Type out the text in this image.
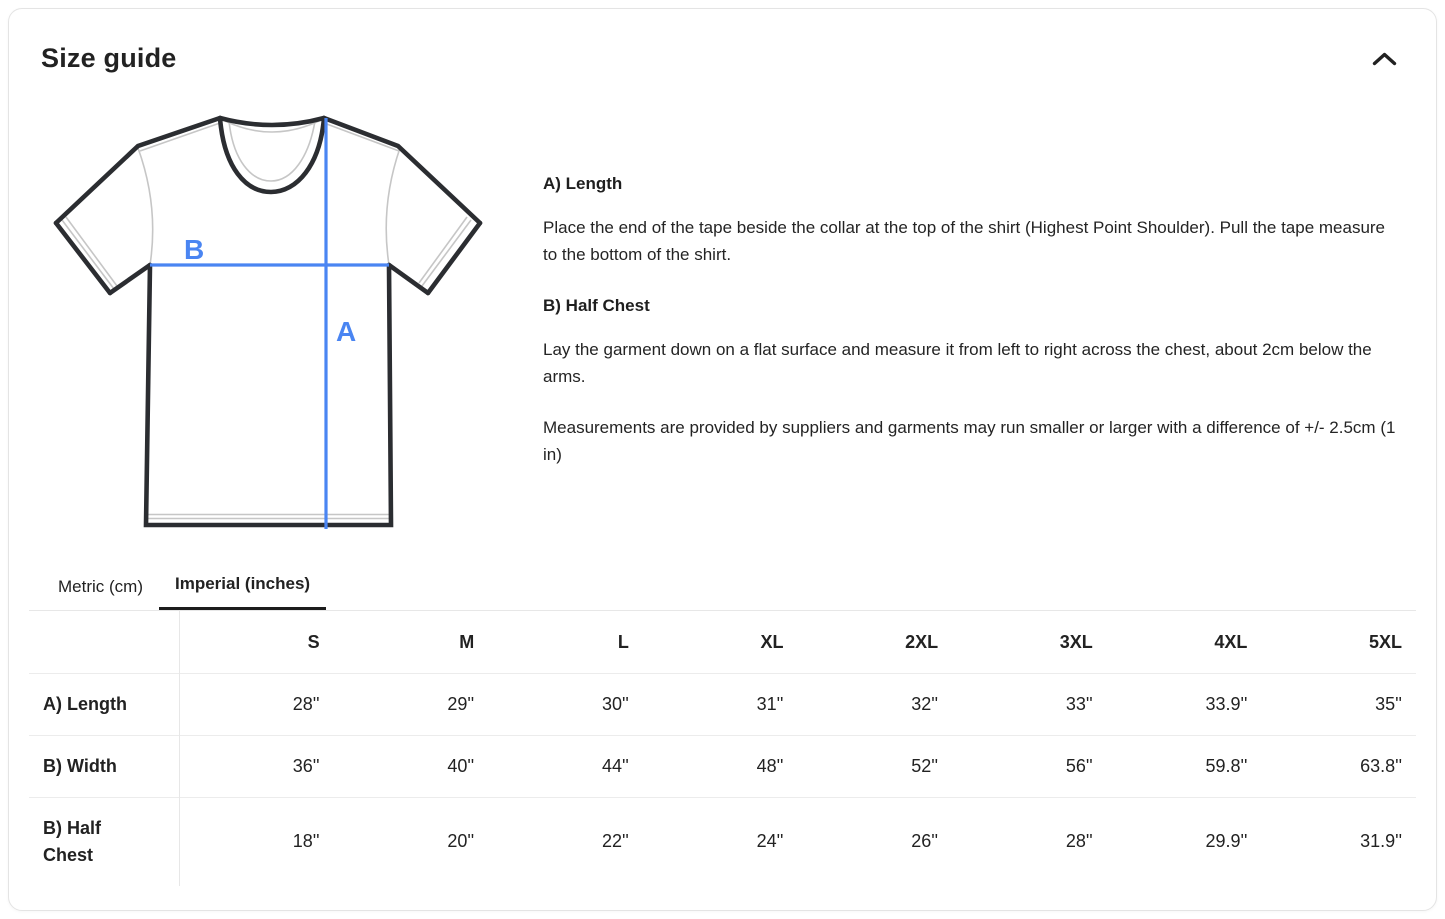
Size guide
B
A
A) Length

Place the end of the tape beside the collar at the top of the shirt (Highest Point Shoulder). Pull the tape measure to the bottom of the shirt.

B) Half Chest

Lay the garment down on a flat surface and measure it from left to right across the chest, about 2cm below the arms.

Measurements are provided by suppliers and garments may run smaller or larger with a difference of +/- 2.5cm (1 in)

Metric (cm)	Imperial (inches)
	S	M	L	XL	2XL	3XL	4XL	5XL
A) Length	28''	29''	30''	31''	32''	33''	33.9''	35''
B) Width	36''	40''	44''	48''	52''	56''	59.8''	63.8''
B) Half Chest	18''	20''	22''	24''	26''	28''	29.9''	31.9''
